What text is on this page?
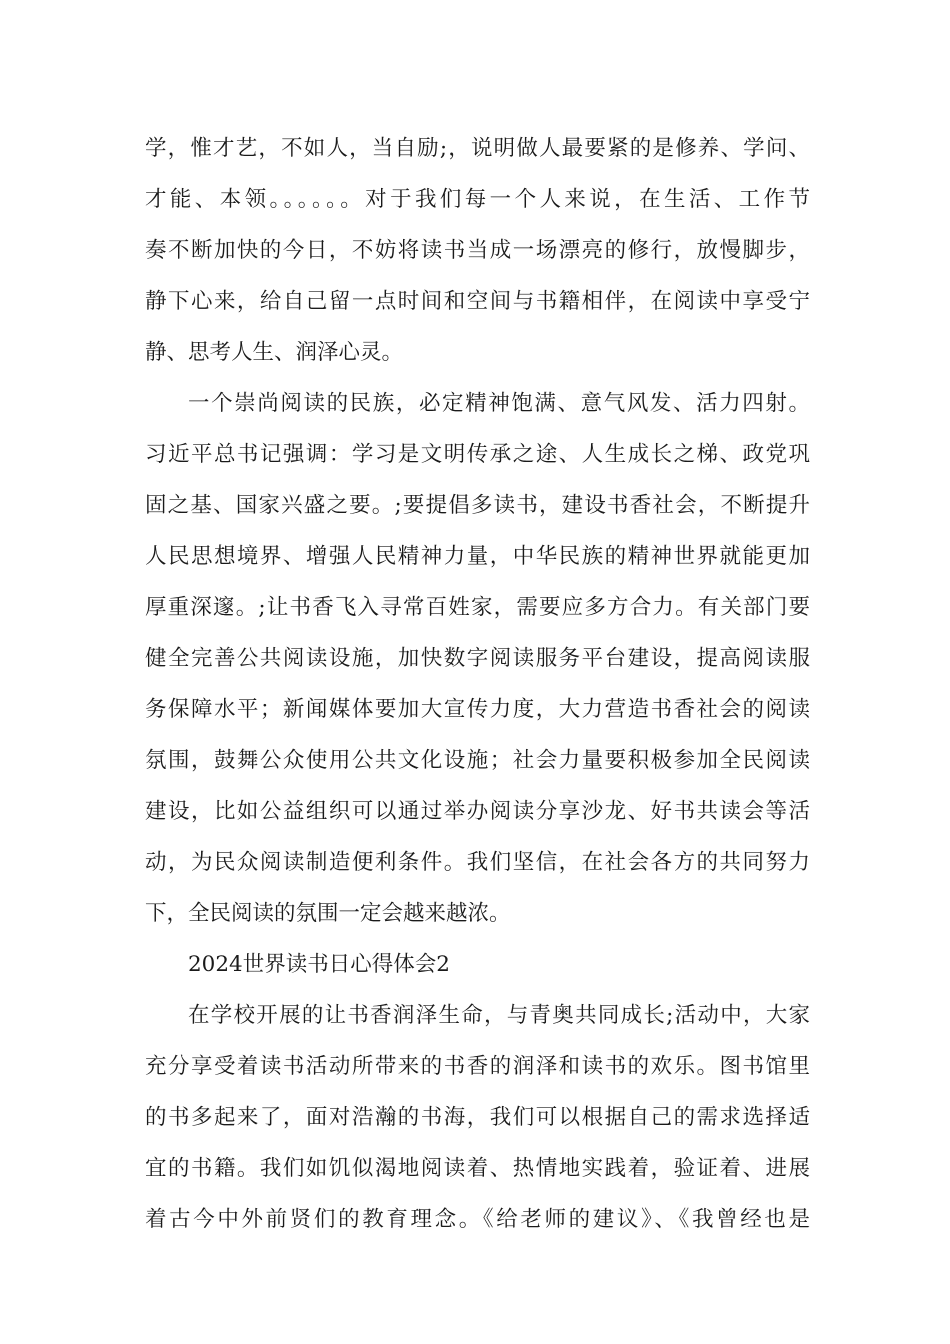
学，惟才艺，不如人，当自励;，说明做人最要紧的是修养、学问、
才能、本领。。。。。。对于我们每一个人来说，在生活、工作节
奏不断加快的今日，不妨将读书当成一场漂亮的修行，放慢脚步，
静下心来，给自己留一点时间和空间与书籍相伴，在阅读中享受宁
静、思考人生、润泽心灵。
一个崇尚阅读的民族，必定精神饱满、意气风发、活力四射。
习近平总书记强调：学习是文明传承之途、人生成长之梯、政党巩
固之基、国家兴盛之要。;要提倡多读书，建设书香社会，不断提升
人民思想境界、增强人民精神力量，中华民族的精神世界就能更加
厚重深邃。;让书香飞入寻常百姓家，需要应多方合力。有关部门要
健全完善公共阅读设施，加快数字阅读服务平台建设，提高阅读服
务保障水平；新闻媒体要加大宣传力度，大力营造书香社会的阅读
氛围，鼓舞公众使用公共文化设施；社会力量要积极参加全民阅读
建设，比如公益组织可以通过举办阅读分享沙龙、好书共读会等活
动，为民众阅读制造便利条件。我们坚信，在社会各方的共同努力
下，全民阅读的氛围一定会越来越浓。
2024世界读书日心得体会2
在学校开展的让书香润泽生命，与青奥共同成长;活动中，大家
充分享受着读书活动所带来的书香的润泽和读书的欢乐。图书馆里
的书多起来了，面对浩瀚的书海，我们可以根据自己的需求选择适
宜的书籍。我们如饥似渴地阅读着、热情地实践着，验证着、进展
着古今中外前贤们的教育理念。《给老师的建议》、《我曾经也是
